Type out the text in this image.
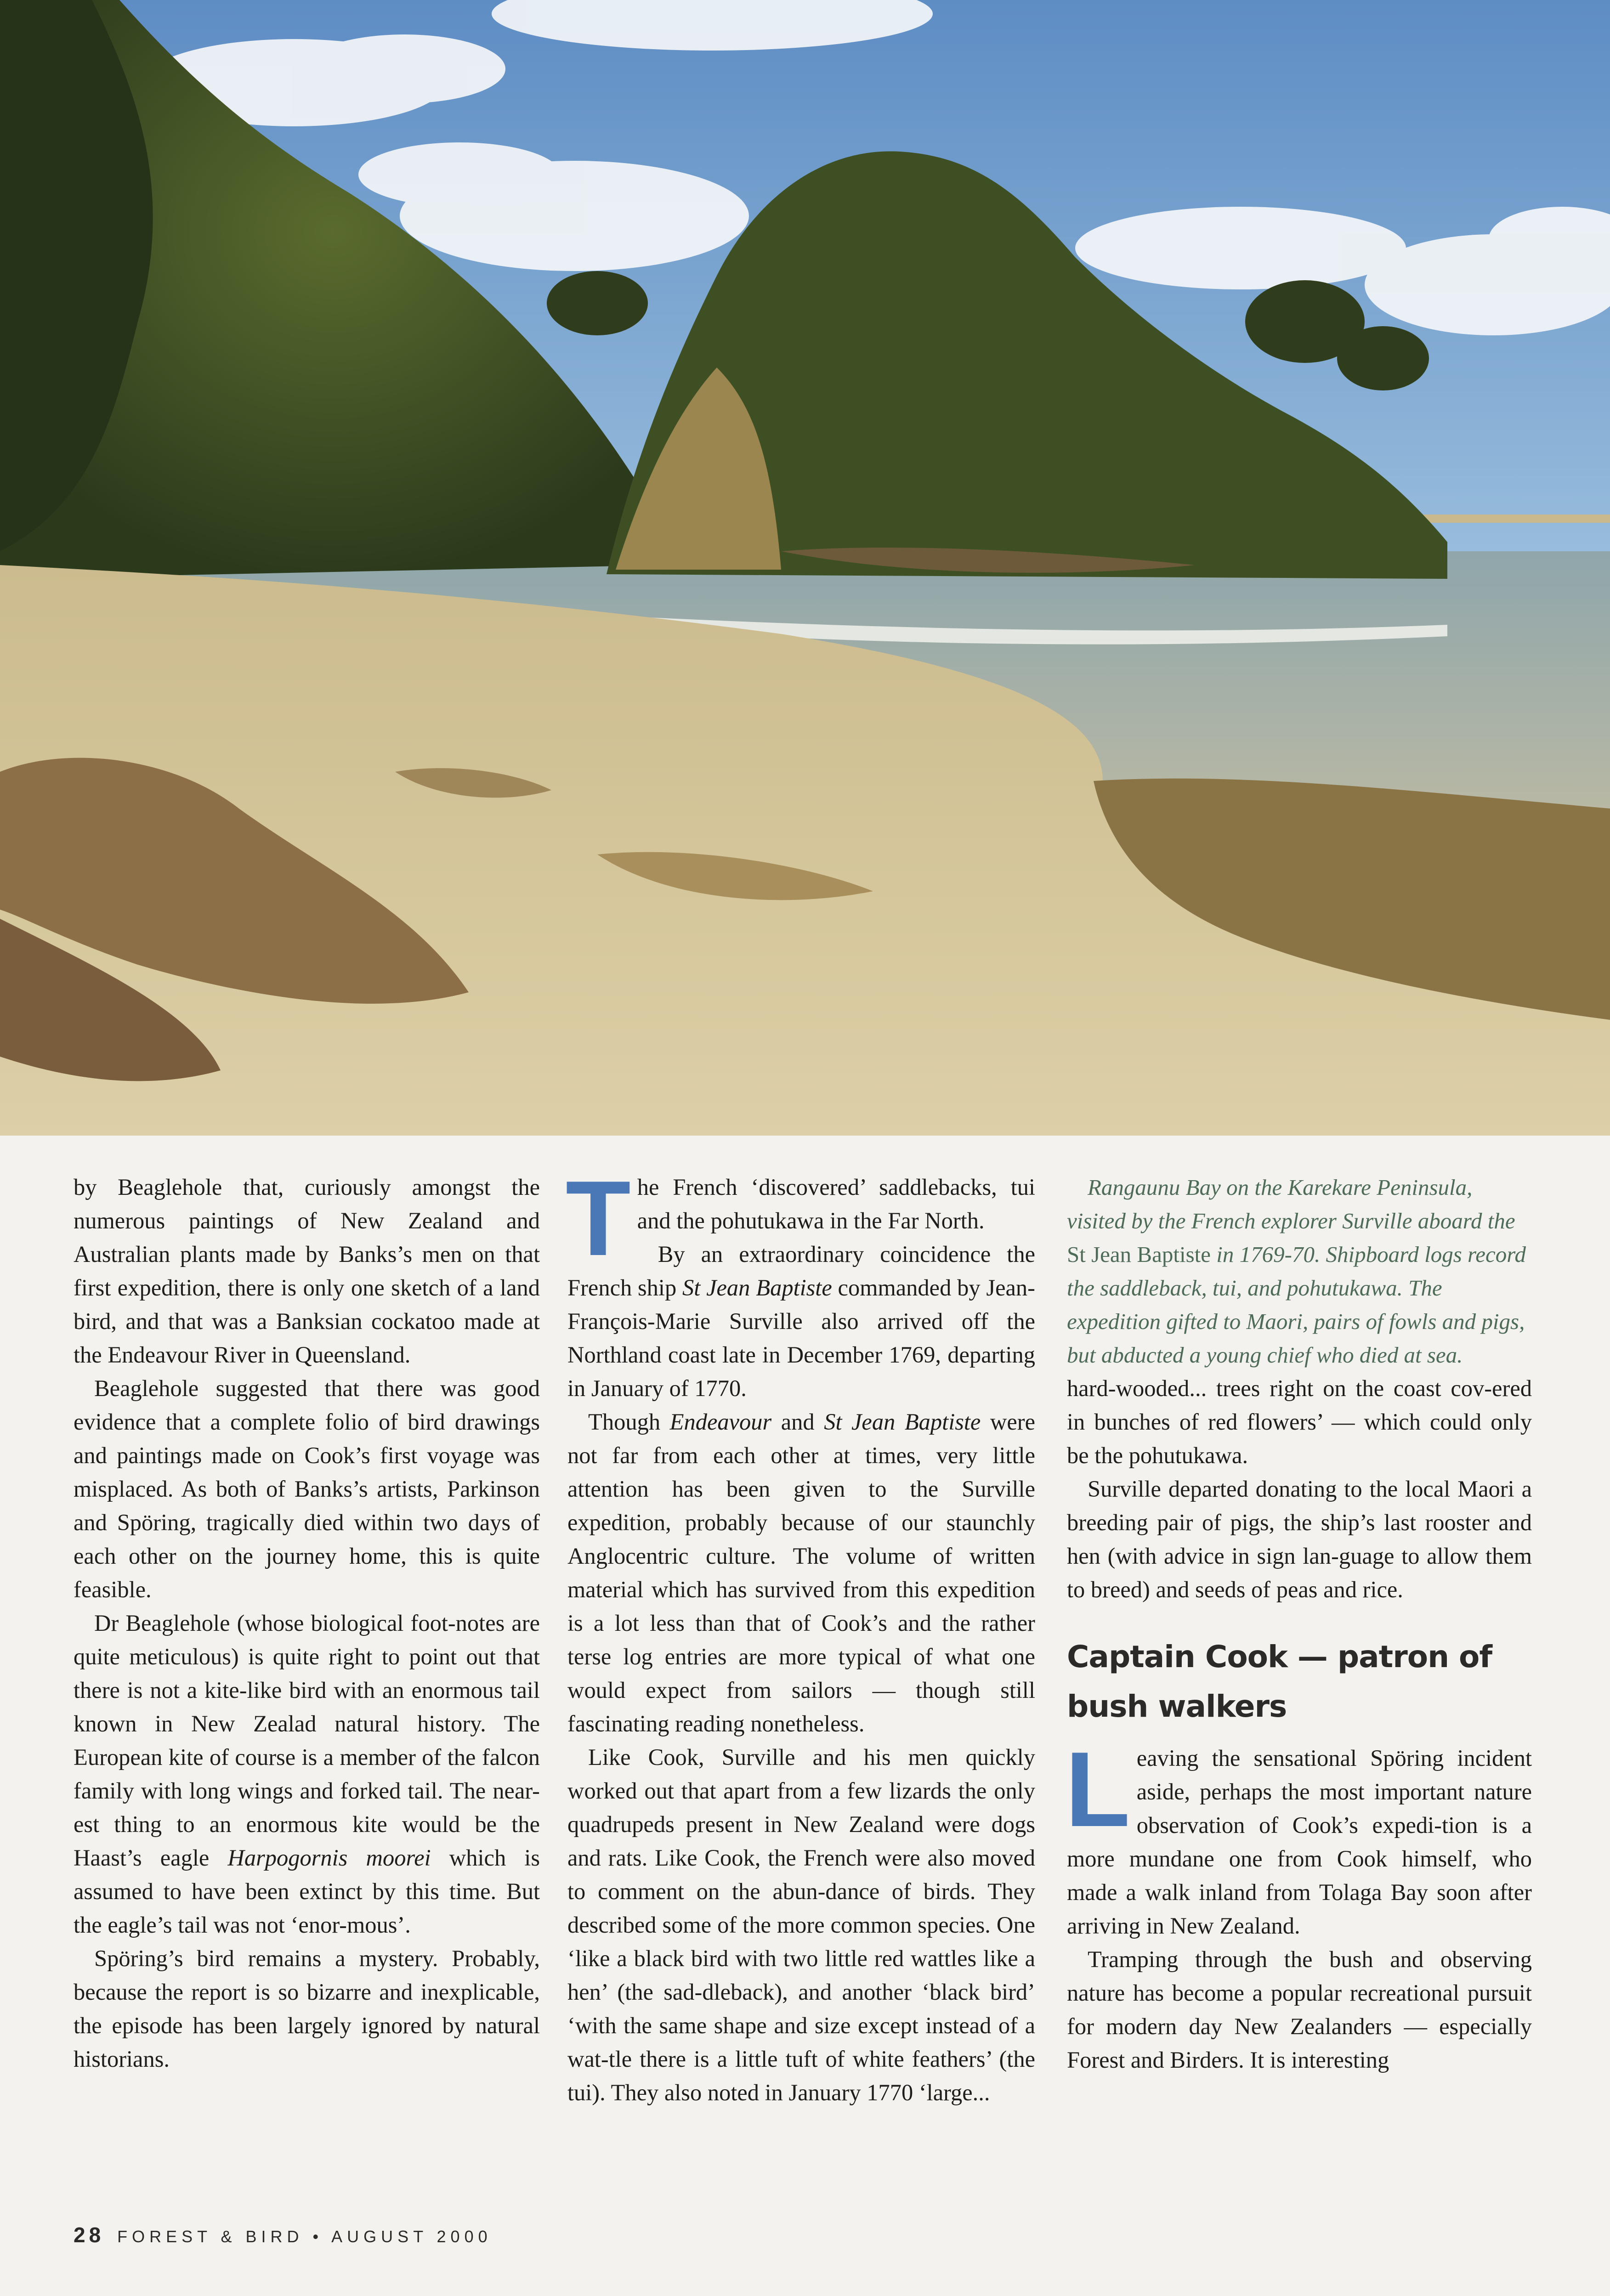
by Beaglehole that, curiously amongst the numerous paintings of New Zealand and Australian plants made by Banks’s men on that first expedition, there is only one sketch of a land bird, and that was a Banksian cockatoo made at the Endeavour River in Queensland.

Beaglehole suggested that there was good evidence that a complete folio of bird drawings and paintings made on Cook’s first voyage was misplaced. As both of Banks’s artists, Parkinson and Spöring, tragically died within two days of each other on the journey home, this is quite feasible.

Dr Beaglehole (whose biological foot-notes are quite meticulous) is quite right to point out that there is not a kite-like bird with an enormous tail known in New Zealad natural history. The European kite of course is a member of the falcon family with long wings and forked tail. The near-est thing to an enormous kite would be the Haast’s eagle Harpogornis moorei which is assumed to have been extinct by this time. But the eagle’s tail was not ‘enor-mous’.

Spöring’s bird remains a mystery. Probably, because the report is so bizarre and inexplicable, the episode has been largely ignored by natural historians.

The French ‘discovered’ saddlebacks, tui and the pohutukawa in the Far North.

By an extraordinary coincidence the French ship St Jean Baptiste commanded by Jean-François-Marie Surville also arrived off the Northland coast late in December 1769, departing in January of 1770.

Though Endeavour and St Jean Baptiste were not far from each other at times, very little attention has been given to the Surville expedition, probably because of our staunchly Anglocentric culture. The volume of written material which has survived from this expedition is a lot less than that of Cook’s and the rather terse log entries are more typical of what one would expect from sailors — though still fascinating reading nonetheless.

Like Cook, Surville and his men quickly worked out that apart from a few lizards the only quadrupeds present in New Zealand were dogs and rats. Like Cook, the French were also moved to comment on the abun-dance of birds. They described some of the more common species. One ‘like a black bird with two little red wattles like a hen’ (the sad-dleback), and another ‘black bird’ ‘with the same shape and size except instead of a wat-tle there is a little tuft of white feathers’ (the tui). They also noted in January 1770 ‘large...

Rangaunu Bay on the Karekare Peninsula, visited by the French explorer Surville aboard the St Jean Baptiste in 1769-70. Shipboard logs record the saddleback, tui, and pohutukawa. The expedition gifted to Maori, pairs of fowls and pigs, but abducted a young chief who died at sea.

hard-wooded... trees right on the coast cov-ered in bunches of red flowers’ — which could only be the pohutukawa.

Surville departed donating to the local Maori a breeding pair of pigs, the ship’s last rooster and hen (with advice in sign lan-guage to allow them to breed) and seeds of peas and rice.

Captain Cook — patron of bush walkers

Leaving the sensational Spöring incident aside, perhaps the most important nature observation of Cook’s expedi-tion is a more mundane one from Cook himself, who made a walk inland from Tolaga Bay soon after arriving in New Zealand.

Tramping through the bush and observing nature has become a popular recreational pursuit for modern day New Zealanders — especially Forest and Birders. It is interesting

28 FOREST & BIRD • AUGUST 2000
